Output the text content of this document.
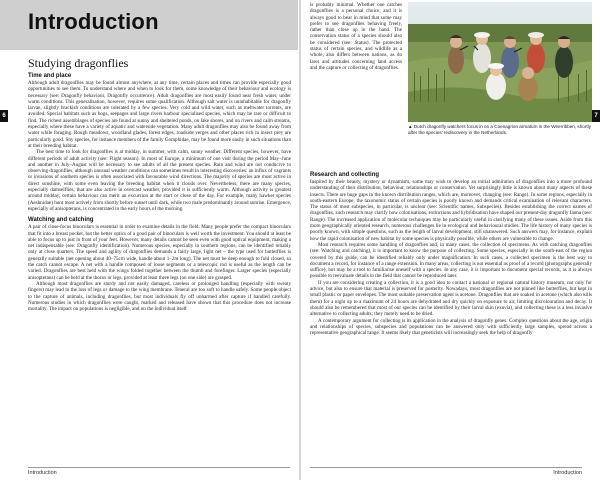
Introduction
6
Studying dragonflies
Time and place

Although adult dragonflies may be found almost anywhere, at any time, certain places and times can provide especially good opportunities to see them. To understand where and when to look for them, some knowledge of their behaviour and ecology is necessary (see: Dragonfly behaviour, Dragonfly occurrence). Adult dragonflies are most easily found near fresh water, under warm conditions. This generalisation, however, requires some qualification. Although salt water is uninhabitable for dragonfly larvae, slightly brackish conditions are tolerated by a few species. Very cold and wild water, such as meltwater torrents, are avoided. Special habitats such as bogs, seepages and large rivers harbour specialised species, which may be rare or difficult to find. The richest assemblages of species are found at sunny and sheltered ponds, on lake shores, and on rivers and calm streams, especially where these have a variety of aquatic and waterside vegetation. Many adult dragonflies may also be found away from water while foraging. Rough meadows, woodland glades, forest edges, roadside verges and other places rich in insect prey are particularly good. Shy species, for instance members of the family Gomphidae, may be found more easily in such situations than at their breeding habitat.

The best time to look for dragonflies is at midday, in summer, with calm, sunny weather. Different species, however, have different periods of adult activity (see: Flight season). In most of Europe, a minimum of one visit during the period May–June and another in July–August will be necessary to see adults of all the present species. Rain and wind are not conducive to observing dragonflies, although unusual weather conditions can sometimes result in interesting discoveries: an influx of vagrants or invasions of southern species is often associated with favourable wind directions. The majority of species are most active in direct sunshine, with some even leaving the breeding habitat when it clouds over. Nevertheless, there are many species, especially damselflies, that are also active in overcast weather, provided it is sufficiently warm. Although activity is greatest around midday, certain behaviour can merit an excursion at the start or close of the day. For example, many hawker species (Aeshnidae) hunt most actively from shortly before sunset until dark, while two male predominantly around sunrise. Emergence, especially of anisopterans, is concentrated in the early hours of the morning.

Watching and catching

A pair of close-focus binoculars is essential in order to examine details in the field. Many people prefer the compact binoculars that fit into a breast pocket, but the better optics of a good pair of binoculars is well worth the investment. You should at least be able to focus up to just in front of your feet. However, many details cannot be seen even with good optical equipment, making a net indispensable (see: Dragonfly identification). Numerous species, especially in southern regions, can be identified reliably only at close quarters. The speed and agility of dragonflies demands a fairly large, light net – the type used for butterflies is generally suitable (net opening about 40–75cm wide, handle about 1–2m long). The net must be deep enough to fold closed, so the catch cannot escape. A net with a handle composed of loose segments or a telescopic rod is useful as the length can be varied. Dragonflies are best held with the wings folded together between the thumb and forefinger. Larger species (especially anisopterans) can be held at the thorax or legs, provided at least three legs (on one side) are grasped.

Although most dragonflies are sturdy and not easily damaged, careless or prolonged handling (especially with sweaty fingers) may lead to the loss of legs or damage to the wing membrane. Teneral are too soft to handle safely. Some people object to the capture of animals, including dragonflies, but most individuals fly off unharmed after capture if handled carefully. Numerous studies in which dragonflies were caught, marked and released have shown that this procedure does not increase mortality. The impact on populations is negligible, and on the individual itself

Introduction
7

is probably minimal. Whether one catches dragonflies is a personal choice, and it is always good to bear in mind that some may prefer to see dragonflies behaving freely, rather than close up in the hand. The conservation status of a species should also be considered (see: Status). The protected status of certain species, and wildlife as a whole, also differs between nations, as do laws and attitudes concerning land access and the capture or collecting of dragonflies.

▲ Dutch dragonfly watchers focus in on a Coenagrion armatum in the Weerribben, shortly after the species' rediscovery in the Netherlands.
Research and collecting

Inspired by their beauty, mystery or dynamism, some may wish to develop an initial admiration of dragonflies into a more profound understanding of their distribution, behaviour, relationships or conservation. Yet surprisingly little is known about many aspects of these insects. There are huge gaps in the known distribution ranges, which are, moreover, changing (see: Range). In some regions, especially in south-eastern Europe, the taxonomic status of certain species is poorly known and demands critical examination of relevant characters. The status of most subspecies, in particular, is unclear (see: Scientific names, Subspecies). Besides establishing the correct names of dragonflies, such research may clarify how colonisations, extinctions and hybridisation have shaped our present-day dragonfly fauna (see: Range). The increased application of molecular techniques may be particularly useful in clarifying many of these issues. Aside from this more geographically oriented research, numerous challenges lie in ecological and behavioural studies. The life history of many species is poorly known, with simple questions, such as the length of larval development, still unanswered. Such answers may, for instance, explain how the rapid colonisation of new habitat by some species is physically possible, while others are vulnerable to change.

Most research requires some handling of dragonflies and, in many cases, the collection of specimens. As with catching dragonflies (see: Watching and catching), it is important to know the purpose of collecting. Some species, especially in the south-east of the region covered by this guide, can be identified reliably only under magnification. In such cases, a collected specimen is the best way to document a record, for instance of a range extension. In many areas, collecting is not essential as proof of a record (photographs generally suffice), but may be a tool to familiarise oneself with a species. In any case, it is important to document special records, as it is always possible to reevaluate details in the field that cannot be reproduced later.

If you are considering creating a collection, it is a good idea to contact a national or regional natural history museum, not only for advice, but also to ensure that material is preserved for posterity. Nowadays, most dragonflies are not pinned like butterflies, but kept in small plastic or paper envelopes. The most suitable preservation agent is acetone. Dragonflies that are soaked in acetone (which also kills them) for a night up to a maximum of 24 hours are dehydrated and dry quickly on exposure to air, limiting discolouration and decay. It should also be remembered that most of our species can be identified by their larval skin (exuvia), and collecting these is a less invasive alternative to collecting adults; they merely need to be dried.

A contemporary argument for collecting is its application in the analysis of dragonfly genes. Complex questions about the age, origin and relationships of species, subspecies and populations can be answered only with sufficiently large samples, spread across a representative geographical range. It seems likely that geneticists will increasingly seek the help of dragonfly

Introduction
